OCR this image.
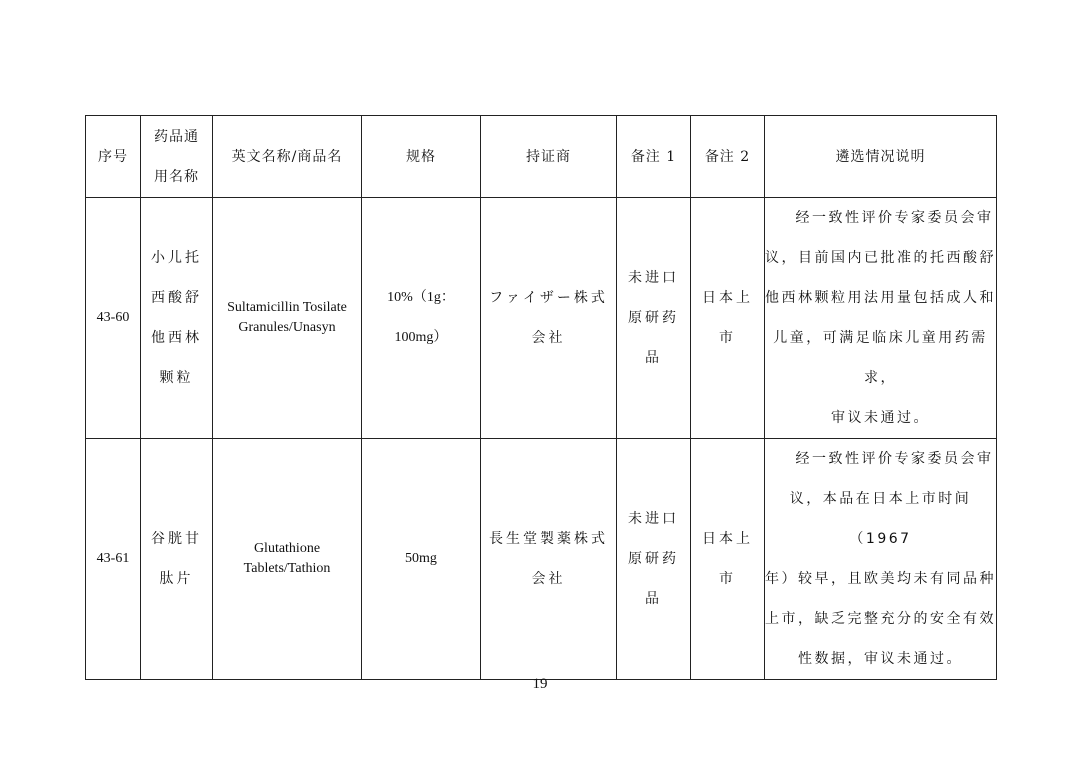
序号	药品通
用名称	英文名称/商品名	规格	持证商	备注 1	备注 2	遴选情况说明
43-60	小儿托
西酸舒
他西林
颗粒	Sultamicillin Tosilate
Granules/Unasyn	10%（1g：
100mg）	ファイザー株式
会社	未进口
原研药
品	日本上
市	经一致性评价专家委员会审
议，目前国内已批准的托西酸舒
他西林颗粒用法用量包括成人和
儿童，可满足临床儿童用药需求，
审议未通过。

43-61	谷胱甘
肽片	Glutathione
Tablets/Tathion	50mg	長生堂製薬株式
会社	未进口
原研药
品	日本上
市	经一致性评价专家委员会审
议，本品在日本上市时间（1967
年）较早，且欧美均未有同品种
上市，缺乏完整充分的安全有效
性数据，审议未通过。
19
